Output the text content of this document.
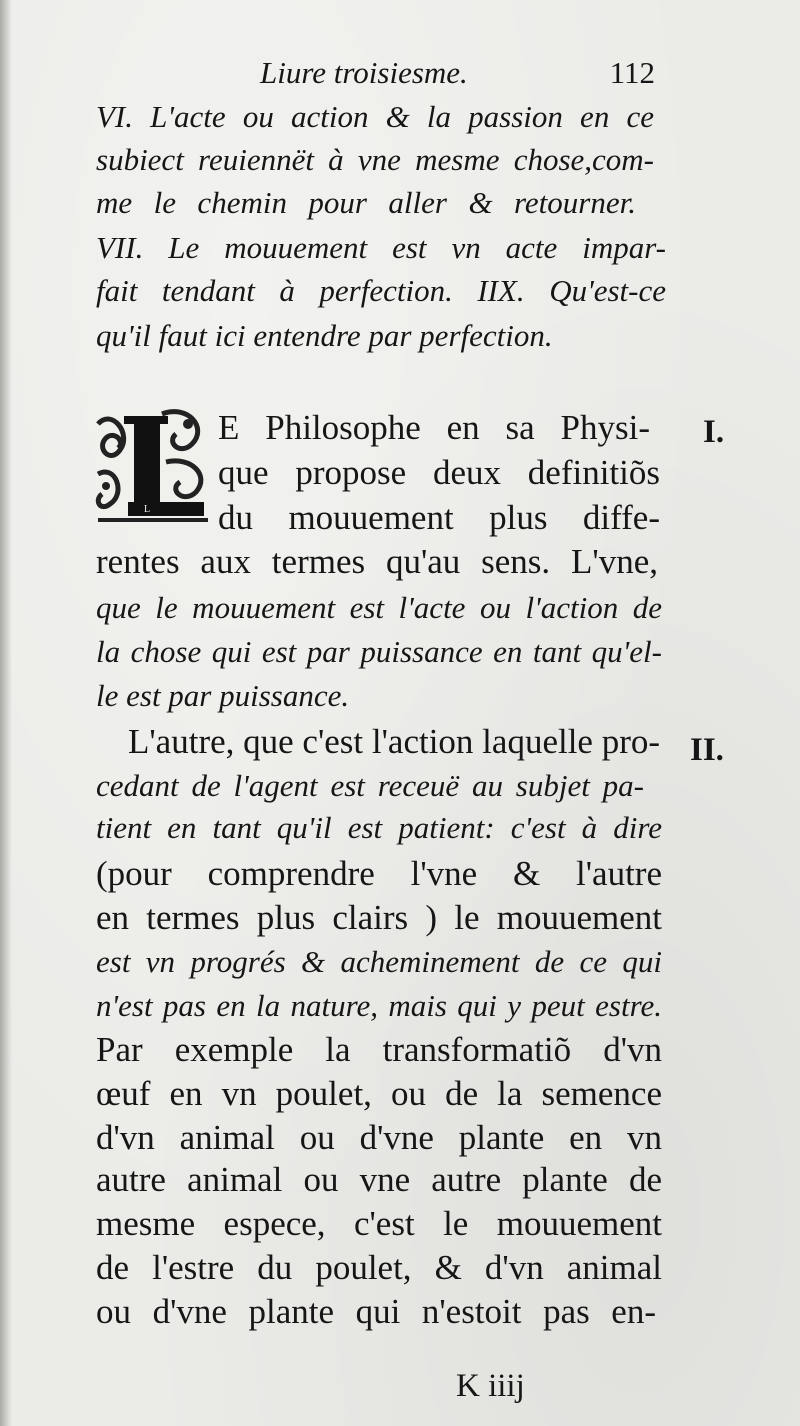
Liure troisiesme.	112
VI. L'acte ou action & la passion en ce
subiect reuiennët à vne mesme chose,com-
me le chemin pour aller & retourner.
VII. Le mouuement est vn acte impar-
fait tendant à perfection. IIX. Qu'est-ce
qu'il faut ici entendre par perfection.
L
E Philosophe en sa Physi-
que propose deux definitiõs
du mouuement plus diffe-
rentes aux termes qu'au sens. L'vne,
que le mouuement est l'acte ou l'action de
la chose qui est par puissance en tant qu'el-
le est par puissance.
L'autre, que c'est l'action laquelle pro-
cedant de l'agent est receuë au subjet pa-
tient en tant qu'il est patient: c'est à dire
(pour comprendre l'vne & l'autre
en termes plus clairs ) le mouuement
est vn progrés & acheminement de ce qui
n'est pas en la nature, mais qui y peut estre.
Par exemple la transformatiõ d'vn
œuf en vn poulet, ou de la semence
d'vn animal ou d'vne plante en vn
autre animal ou vne autre plante de
mesme espece, c'est le mouuement
de l'estre du poulet, & d'vn animal
ou d'vne plante qui n'estoit pas en-
I.
II.
K iiij
